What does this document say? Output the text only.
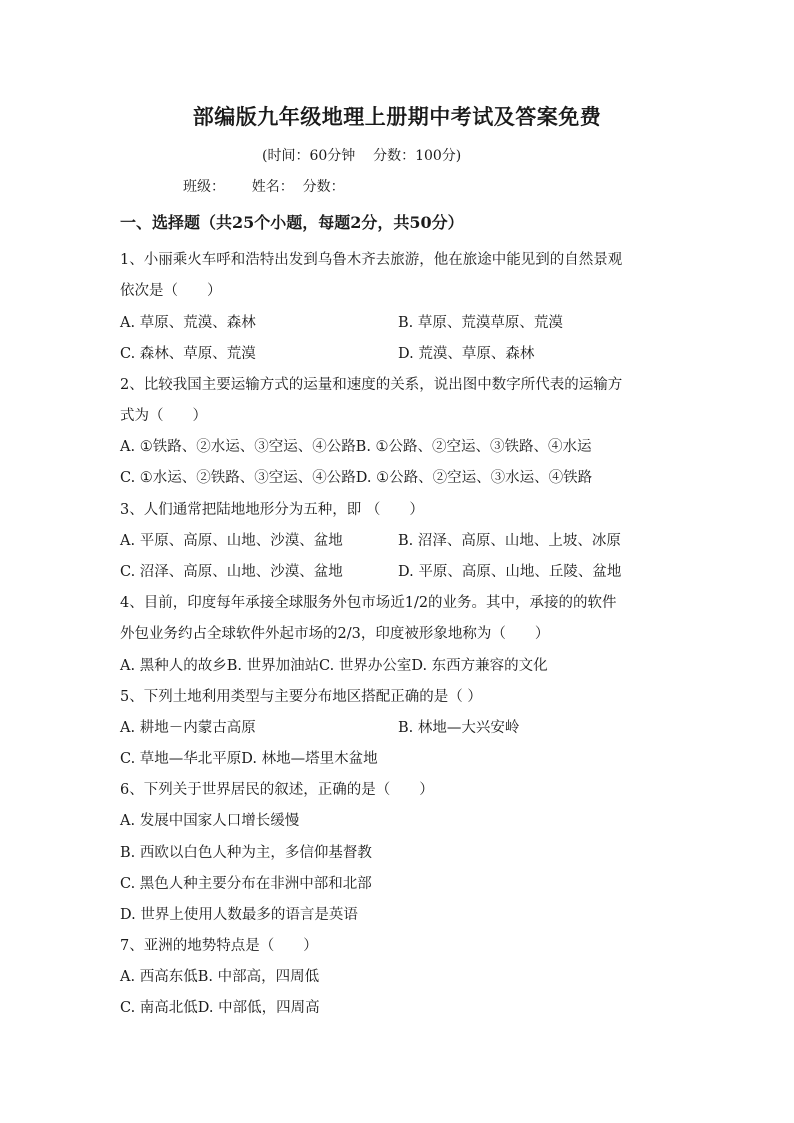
部编版九年级地理上册期中考试及答案免费
(时间：60分钟    分数：100分)
班级：      姓名：  分数：
一、选择题（共25个小题，每题2分，共50分）
1、小丽乘火车呼和浩特出发到乌鲁木齐去旅游，他在旅途中能见到的自然景观
依次是（　　）
A. 草原、荒漠、森林	B. 草原、荒漠草原、荒漠
C. 森林、草原、荒漠	D. 荒漠、草原、森林
2、比较我国主要运输方式的运量和速度的关系，说出图中数字所代表的运输方
式为（　　）
A. ①铁路、②水运、③空运、④公路B. ①公路、②空运、③铁路、④水运
C. ①水运、②铁路、③空运、④公路D. ①公路、②空运、③水运、④铁路
3、人们通常把陆地地形分为五种，即 （　　）
A. 平原、高原、山地、沙漠、盆地	B. 沼泽、高原、山地、上坡、冰原
C. 沼泽、高原、山地、沙漠、盆地	D. 平原、高原、山地、丘陵、盆地
4、目前，印度每年承接全球服务外包市场近1/2的业务。其中，承接的的软件
外包业务约占全球软件外起市场的2/3，印度被形象地称为（　　）
A. 黑种人的故乡B. 世界加油站C. 世界办公室D. 东西方兼容的文化
5、下列土地利用类型与主要分布地区搭配正确的是（ ）
A. 耕地－内蒙古高原	B. 林地—大兴安岭
C. 草地—华北平原D. 林地—塔里木盆地
6、下列关于世界居民的叙述，正确的是（　　）
A. 发展中国家人口增长缓慢
B. 西欧以白色人种为主，多信仰基督教
C. 黑色人种主要分布在非洲中部和北部
D. 世界上使用人数最多的语言是英语
7、亚洲的地势特点是（　　）
A. 西高东低B. 中部高，四周低
C. 南高北低D. 中部低，四周高
